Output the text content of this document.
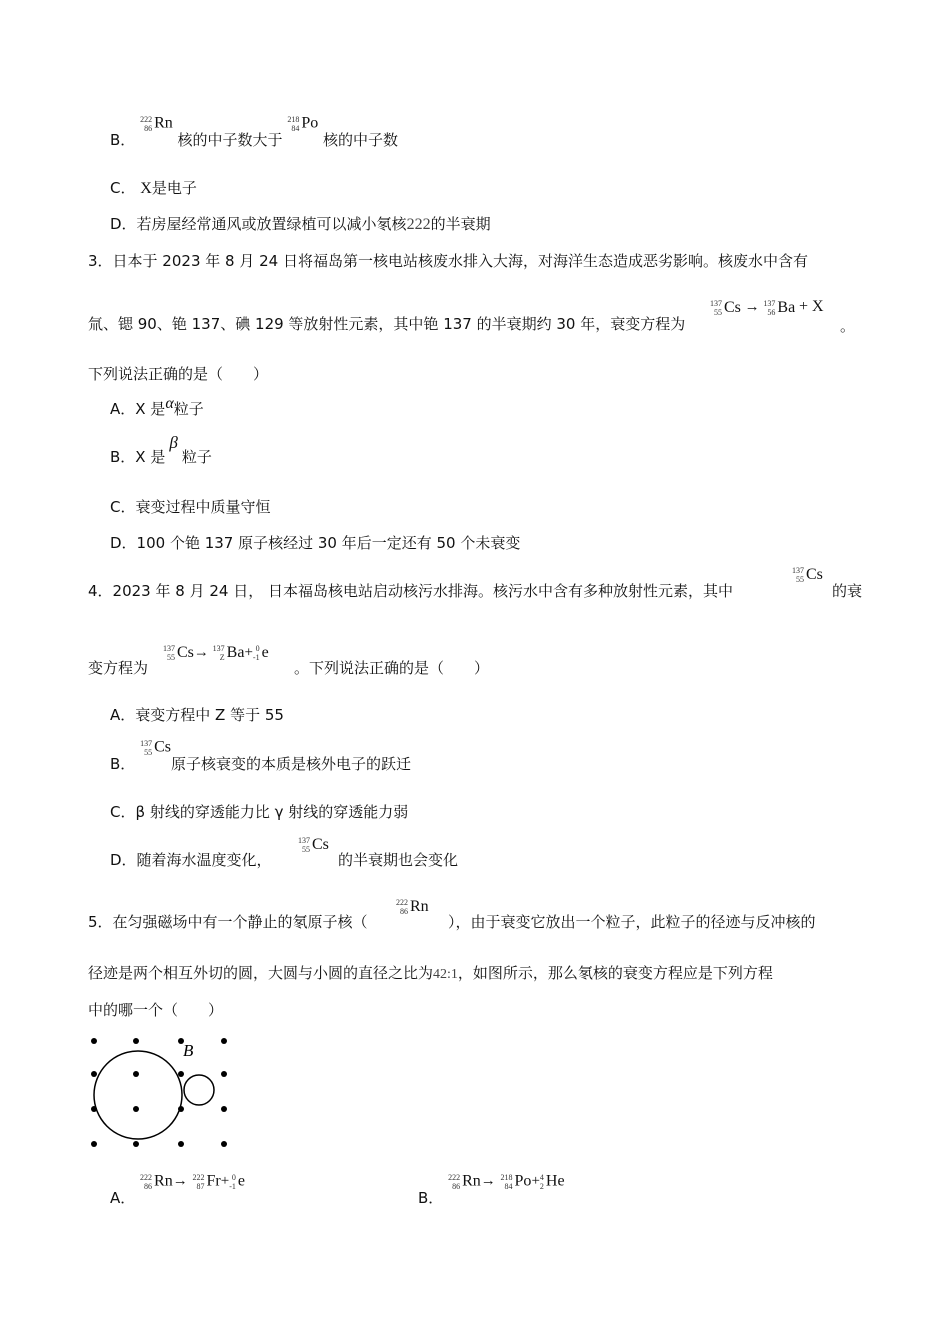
B．
222
86 Rn 核的中子数大于
218
84 Po 核的中子数
C． X是电子
D．若房屋经常通风或放置绿植可以减小氡核222的半衰期
3．日本于 2023 年 8 月 24 日将福岛第一核电站核废水排入大海，对海洋生态造成恶劣影响。核废水中含有
氚、锶 90、铯 137、碘 129 等放射性元素，其中铯 137 的半衰期约 30 年，衰变方程为
137
55 Cs → 137
56 Ba + X
。
下列说法正确的是（　　）
A．X 是α粒子
B．X 是β粒子
C．衰变过程中质量守恒
D．100 个铯 137 原子核经过 30 年后一定还有 50 个未衰变
4．2023 年 8 月 24 日， 日本福岛核电站启动核污水排海。核污水中含有多种放射性元素，其中
137
55 Cs
的衰
变方程为
137
55 Cs→ 137
Z Ba+ 0
-1 e
。下列说法正确的是（　　）
A．衰变方程中 Z 等于 55
B．
137
55 Cs原子核衰变的本质是核外电子的跃迁
C．β 射线的穿透能力比 γ 射线的穿透能力弱
D．随着海水温度变化，
137
55 Cs
的半衰期也会变化
5．在匀强磁场中有一个静止的氡原子核（
222
86 Rn
），由于衰变它放出一个粒子，此粒子的径迹与反冲核的
径迹是两个相互外切的圆，大圆与小圆的直径之比为42:1，如图所示，那么氡核的衰变方程应是下列方程
中的哪一个（　　）
B
A．
222
86 Rn→ 222
87 Fr+ 0
-1 e
B．
222
86 Rn→ 218
84 Po+ 4
2 He
